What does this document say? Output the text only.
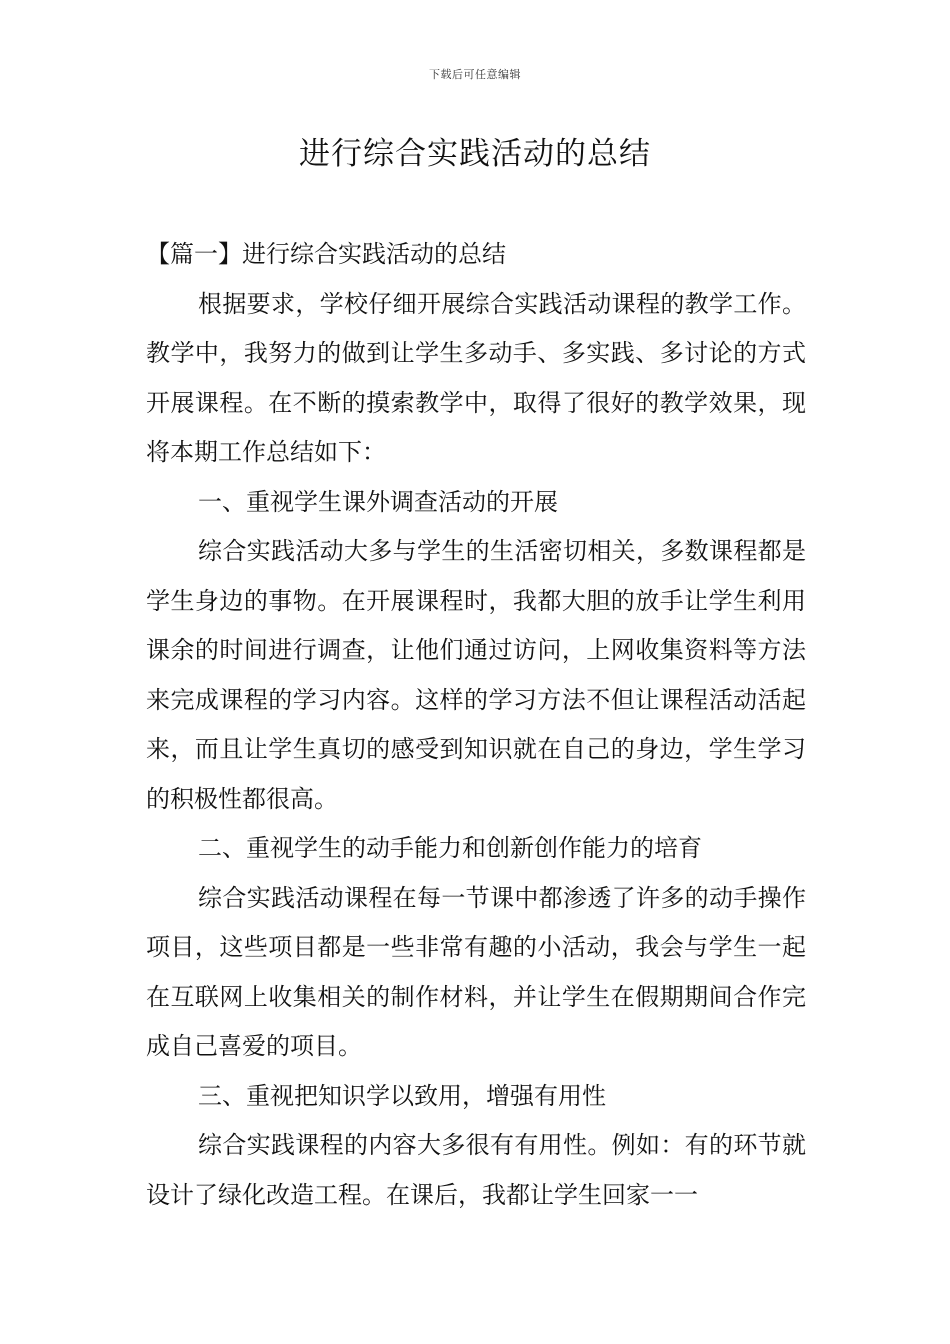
下载后可任意编辑
进行综合实践活动的总结

【篇一】进行综合实践活动的总结

根据要求，学校仔细开展综合实践活动课程的教学工作。教学中，我努力的做到让学生多动手、多实践、多讨论的方式开展课程。在不断的摸索教学中，取得了很好的教学效果，现将本期工作总结如下：

一、重视学生课外调查活动的开展

综合实践活动大多与学生的生活密切相关，多数课程都是学生身边的事物。在开展课程时，我都大胆的放手让学生利用课余的时间进行调查，让他们通过访问，上网收集资料等方法来完成课程的学习内容。这样的学习方法不但让课程活动活起来，而且让学生真切的感受到知识就在自己的身边，学生学习的积极性都很高。

二、重视学生的动手能力和创新创作能力的培育

综合实践活动课程在每一节课中都渗透了许多的动手操作项目，这些项目都是一些非常有趣的小活动，我会与学生一起在互联网上收集相关的制作材料，并让学生在假期期间合作完成自己喜爱的项目。

三、重视把知识学以致用，增强有用性

综合实践课程的内容大多很有有用性。例如：有的环节就设计了绿化改造工程。在课后，我都让学生回家一一
